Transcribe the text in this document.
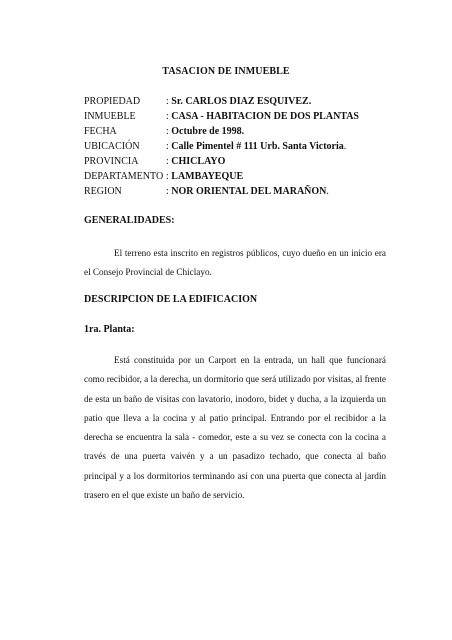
TASACION DE INMUEBLE
PROPIEDAD	: Sr. CARLOS DIAZ ESQUIVEZ.
INMUEBLE	: CASA - HABITACION DE DOS PLANTAS
FECHA	: Octubre de 1998.
UBICACIÓN	: Calle Pimentel # 111 Urb. Santa Victoria.
PROVINCIA	: CHICLAYO
DEPARTAMENTO : LAMBAYEQUE
REGION	: NOR ORIENTAL DEL MARAÑON.
GENERALIDADES:

El terreno esta inscrito en registros públicos, cuyo dueño en un inicio era el Consejo Provincial de Chiclayo.

DESCRIPCION DE LA EDIFICACION
1ra. Planta:

Está constituida por un Carport en la entrada, un hall que funcionará como recibidor, a la derecha, un dormitorio que será utilizado por visitas, al frente de esta un baño de visitas con lavatorio, inodoro, bidet y ducha, a la izquierda un patio que lleva a la cocina y al patio principal. Entrando por el recibidor a la derecha se encuentra la sala - comedor, este a su vez se conecta con la cocina a través de una puerta vaivén y a un pasadizo techado, que conecta al baño principal y a los dormitorios terminando así con una puerta que conecta al jardín trasero en el que existe un baño de servicio.
